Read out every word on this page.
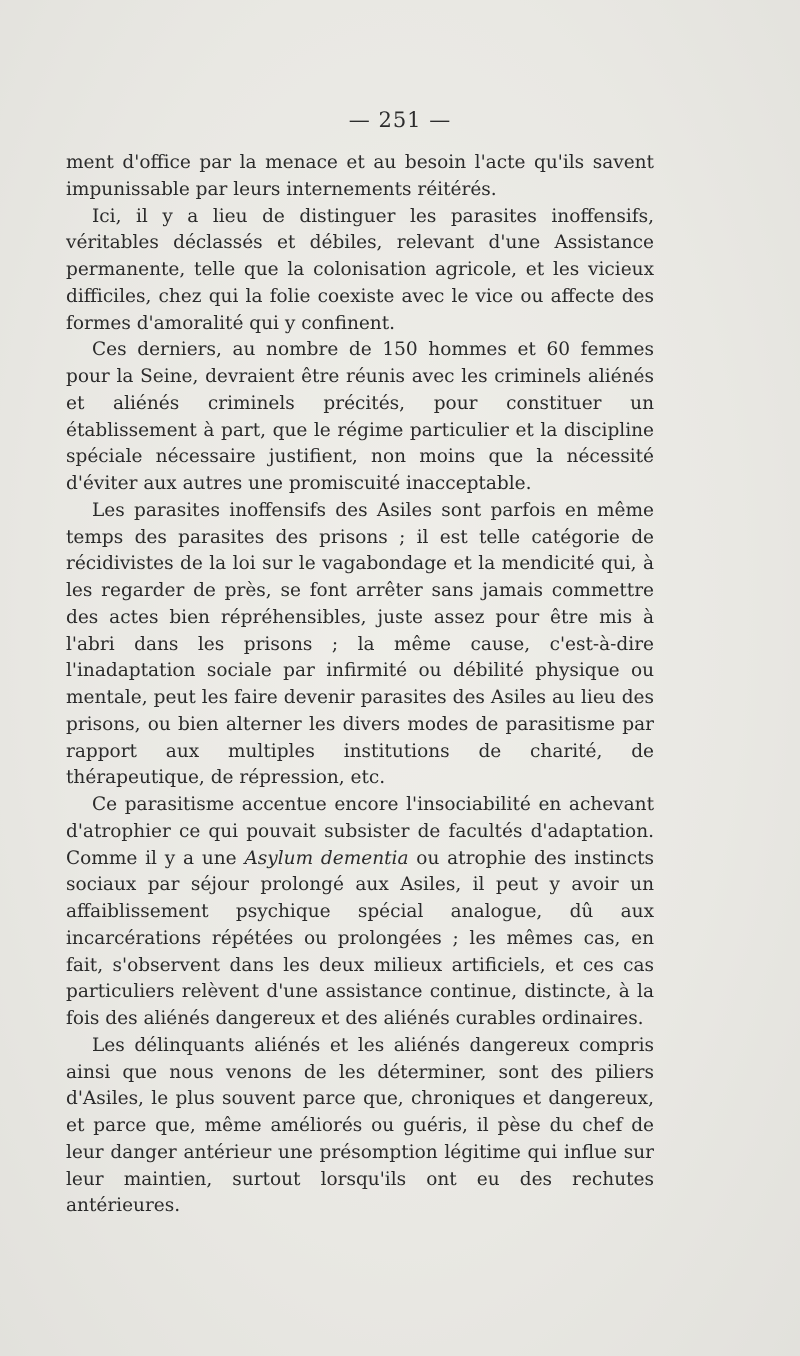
— 251 —

ment d'office par la menace et au besoin l'acte qu'ils savent impunissable par leurs internements réitérés.

Ici, il y a lieu de distinguer les parasites inoffensifs, véritables déclassés et débiles, relevant d'une Assistance permanente, telle que la colonisation agricole, et les vicieux difficiles, chez qui la folie coexiste avec le vice ou affecte des formes d'amoralité qui y confinent.

Ces derniers, au nombre de 150 hommes et 60 femmes pour la Seine, devraient être réunis avec les criminels aliénés et aliénés criminels précités, pour constituer un établissement à part, que le régime particulier et la discipline spéciale nécessaire justifient, non moins que la nécessité d'éviter aux autres une promiscuité inacceptable.

Les parasites inoffensifs des Asiles sont parfois en même temps des parasites des prisons ; il est telle catégorie de récidivistes de la loi sur le vagabondage et la mendicité qui, à les regarder de près, se font arrêter sans jamais commettre des actes bien répréhensibles, juste assez pour être mis à l'abri dans les prisons ; la même cause, c'est-à-dire l'inadaptation sociale par infirmité ou débilité physique ou mentale, peut les faire devenir parasites des Asiles au lieu des prisons, ou bien alterner les divers modes de parasitisme par rapport aux multiples institutions de charité, de thérapeutique, de répression, etc.

Ce parasitisme accentue encore l'insociabilité en achevant d'atrophier ce qui pouvait subsister de facultés d'adaptation. Comme il y a une Asylum dementia ou atrophie des instincts sociaux par séjour prolongé aux Asiles, il peut y avoir un affaiblissement psychique spécial analogue, dû aux incarcérations répétées ou prolongées ; les mêmes cas, en fait, s'observent dans les deux milieux artificiels, et ces cas particuliers relèvent d'une assistance continue, distincte, à la fois des aliénés dangereux et des aliénés curables ordinaires.

Les délinquants aliénés et les aliénés dangereux compris ainsi que nous venons de les déterminer, sont des piliers d'Asiles, le plus souvent parce que, chroniques et dangereux, et parce que, même améliorés ou guéris, il pèse du chef de leur danger antérieur une présomption légitime qui influe sur leur maintien, surtout lorsqu'ils ont eu des rechutes antérieures.
